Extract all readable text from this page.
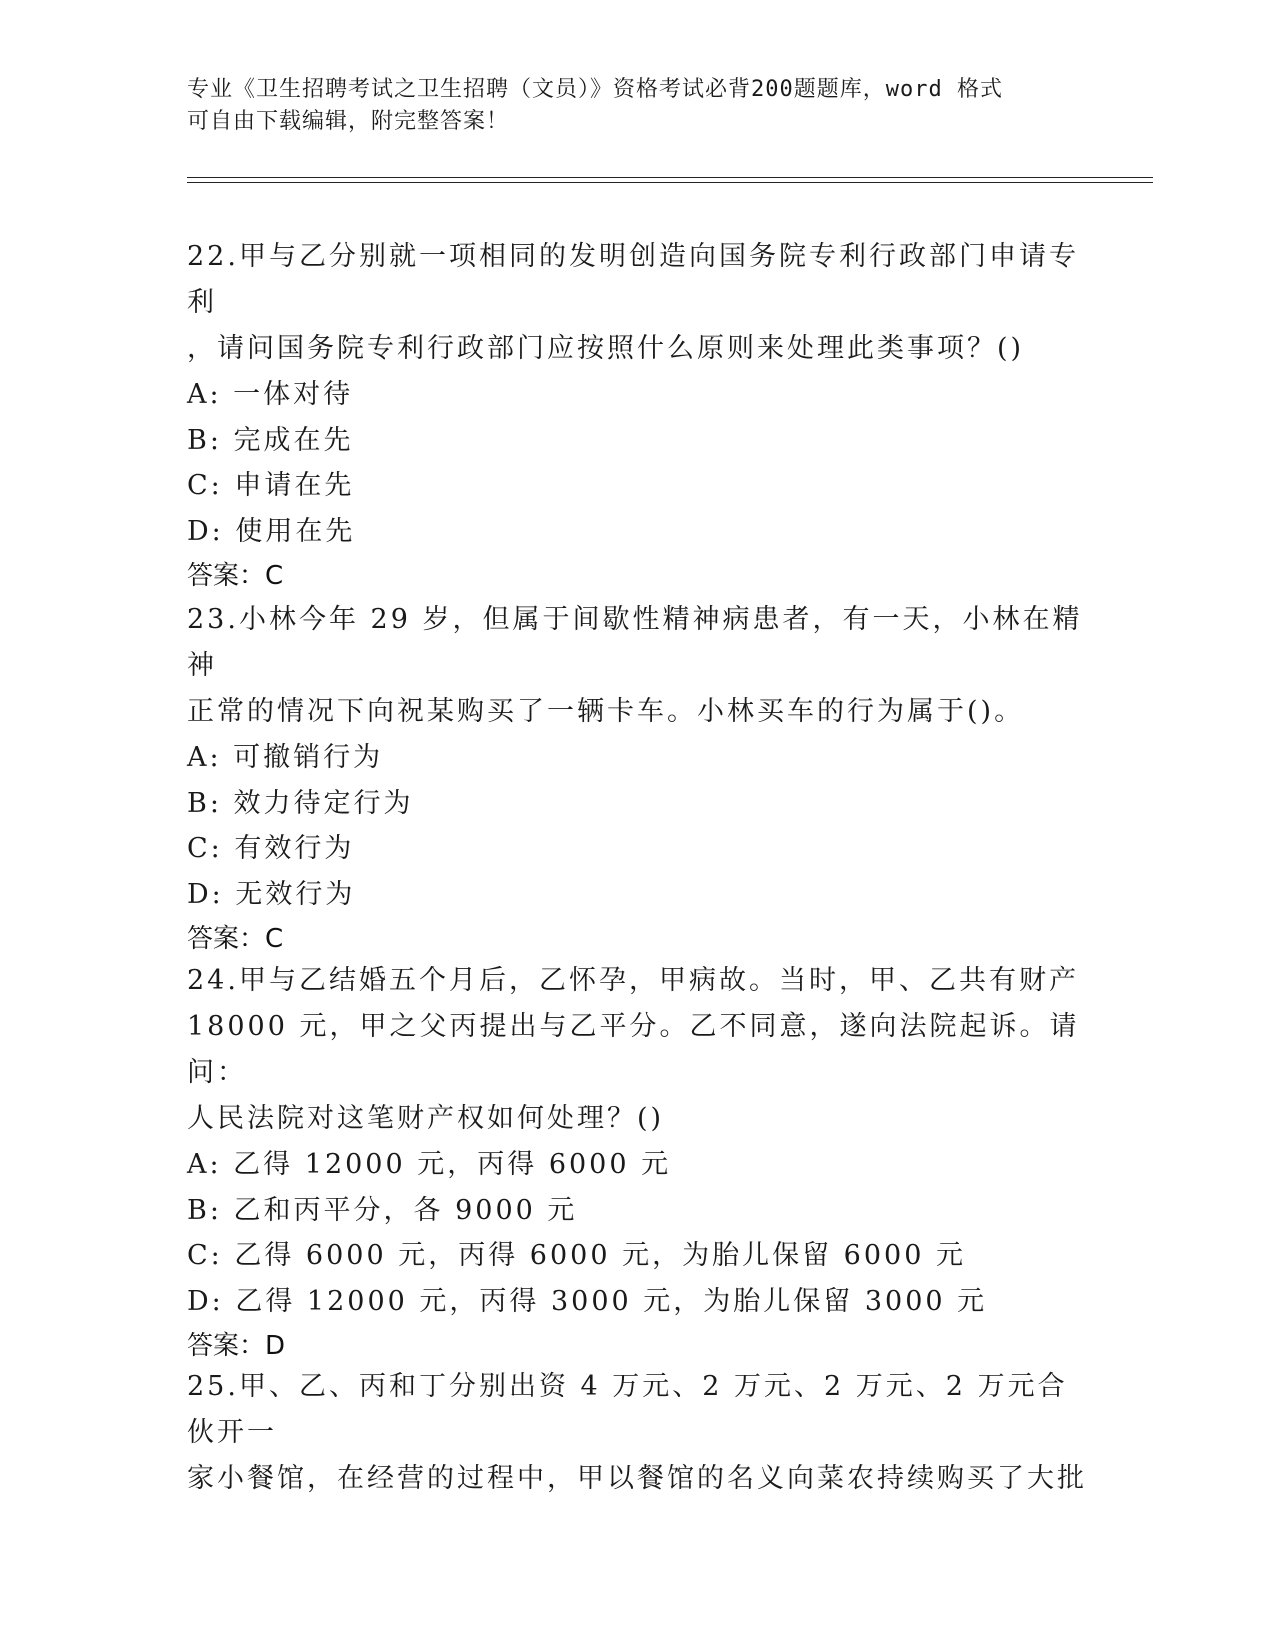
专业《卫生招聘考试之卫生招聘（文员）》资格考试必背200题题库，word 格式
可自由下载编辑，附完整答案！

22.甲与乙分别就一项相同的发明创造向国务院专利行政部门申请专利

，请问国务院专利行政部门应按照什么原则来处理此类事项？()

A: 一体对待

B: 完成在先

C: 申请在先

D: 使用在先

答案：C

23.小林今年 29 岁，但属于间歇性精神病患者，有一天，小林在精神

正常的情况下向祝某购买了一辆卡车。小林买车的行为属于()。

A: 可撤销行为

B: 效力待定行为

C: 有效行为

D: 无效行为

答案：C

24.甲与乙结婚五个月后，乙怀孕，甲病故。当时，甲、乙共有财产

18000 元，甲之父丙提出与乙平分。乙不同意，遂向法院起诉。请问：

人民法院对这笔财产权如何处理？()

A: 乙得 12000 元，丙得 6000 元

B: 乙和丙平分，各 9000 元

C: 乙得 6000 元，丙得 6000 元，为胎儿保留 6000 元

D: 乙得 12000 元，丙得 3000 元，为胎儿保留 3000 元

答案：D

25.甲、乙、丙和丁分别出资 4 万元、2 万元、2 万元、2 万元合伙开一

家小餐馆，在经营的过程中，甲以餐馆的名义向菜农持续购买了大批
